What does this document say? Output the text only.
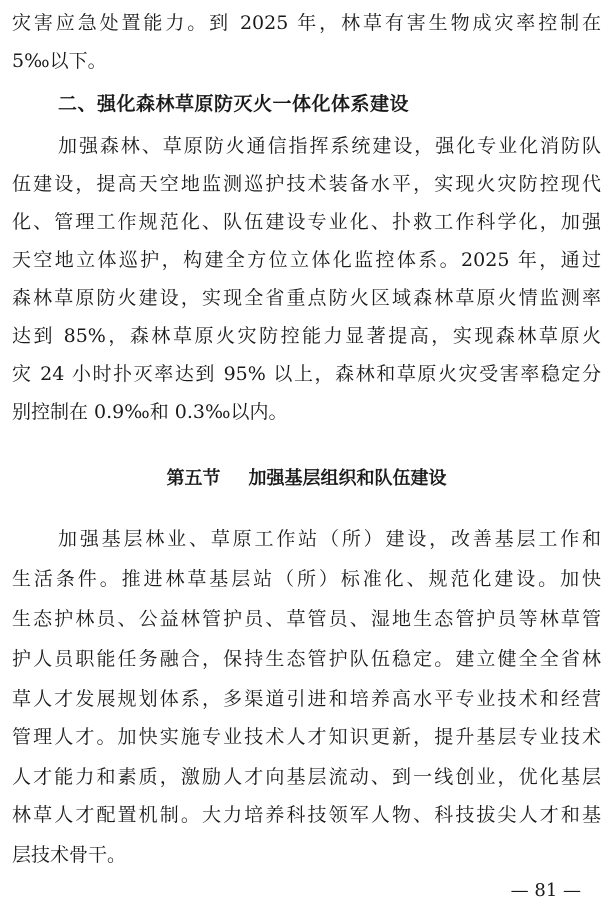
灾害应急处置能力。到 2025 年，林草有害生物成灾率控制在
5‰以下。
二、强化森林草原防灭火一体化体系建设
加强森林、草原防火通信指挥系统建设，强化专业化消防队
伍建设，提高天空地监测巡护技术装备水平，实现火灾防控现代
化、管理工作规范化、队伍建设专业化、扑救工作科学化，加强
天空地立体巡护，构建全方位立体化监控体系。2025 年，通过
森林草原防火建设，实现全省重点防火区域森林草原火情监测率
达到 85%，森林草原火灾防控能力显著提高，实现森林草原火
灾 24 小时扑灭率达到 95% 以上，森林和草原火灾受害率稳定分
别控制在 0.9‰和 0.3‰以内。
第五节 加强基层组织和队伍建设
加强基层林业、草原工作站（所）建设，改善基层工作和
生活条件。推进林草基层站（所）标准化、规范化建设。加快
生态护林员、公益林管护员、草管员、湿地生态管护员等林草管
护人员职能任务融合，保持生态管护队伍稳定。建立健全全省林
草人才发展规划体系，多渠道引进和培养高水平专业技术和经营
管理人才。加快实施专业技术人才知识更新，提升基层专业技术
人才能力和素质，激励人才向基层流动、到一线创业，优化基层
林草人才配置机制。大力培养科技领军人物、科技拔尖人才和基
层技术骨干。
— 81 —
